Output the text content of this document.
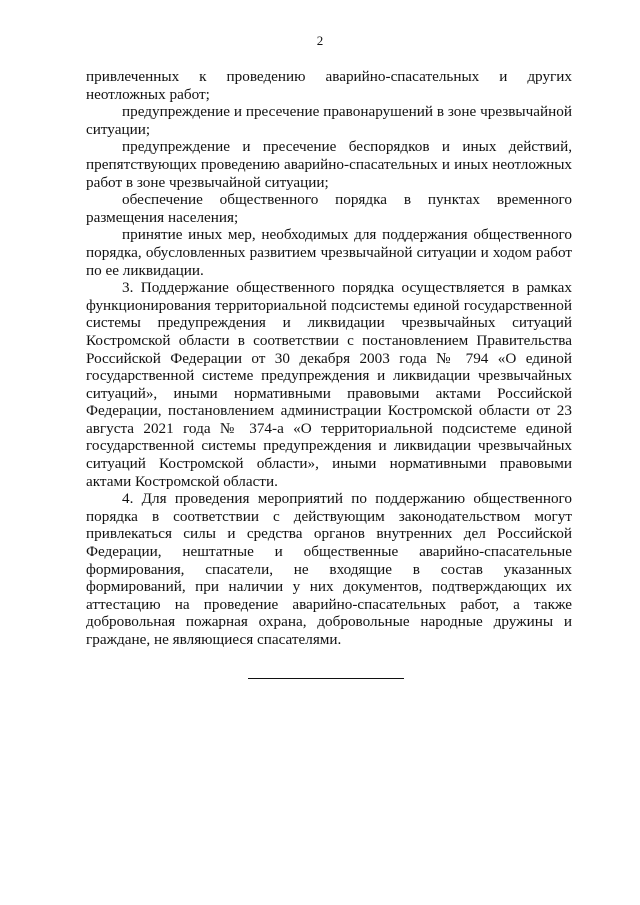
2

привлеченных к проведению аварийно-спасательных и других неотложных работ;

предупреждение и пресечение правонарушений в зоне чрезвычайной ситуации;

предупреждение и пресечение беспорядков и иных действий, препятствующих проведению аварийно-спасательных и иных неотложных работ в зоне чрезвычайной ситуации;

обеспечение общественного порядка в пунктах временного размещения населения;

принятие иных мер, необходимых для поддержания общественного порядка, обусловленных развитием чрезвычайной ситуации и ходом работ по ее ликвидации.

3. Поддержание общественного порядка осуществляется в рамках функционирования территориальной подсистемы единой государственной системы предупреждения и ликвидации чрезвычайных ситуаций Костромской области в соответствии с постановлением Правительства Российской Федерации от 30 декабря 2003 года № 794 «О единой государственной системе предупреждения и ликвидации чрезвычайных ситуаций», иными нормативными правовыми актами Российской Федерации, постановлением администрации Костромской области от 23 августа 2021 года № 374-а «О территориальной подсистеме единой государственной системы предупреждения и ликвидации чрезвычайных ситуаций Костромской области», иными нормативными правовыми актами Костромской области.

4. Для проведения мероприятий по поддержанию общественного порядка в соответствии с действующим законодательством могут привлекаться силы и средства органов внутренних дел Российской Федерации, нештатные и общественные аварийно-спасательные формирования, спасатели, не входящие в состав указанных формирований, при наличии у них документов, подтверждающих их аттестацию на проведение аварийно-спасательных работ, а также добровольная пожарная охрана, добровольные народные дружины и граждане, не являющиеся спасателями.
